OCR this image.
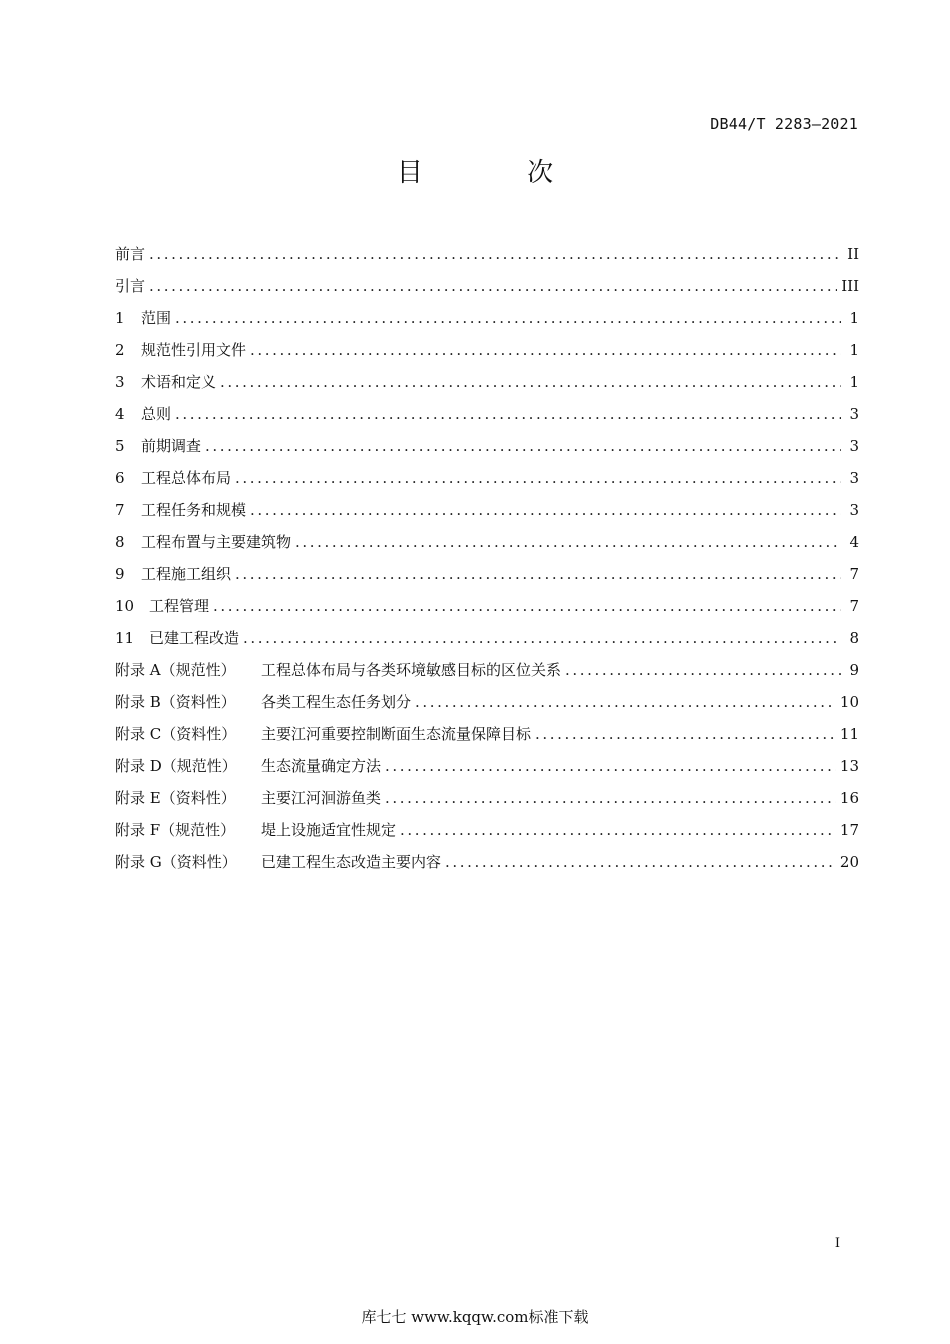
DB44/T 2283—2021
目 次
前言 .....	II
引言 .....	III
1	范围 .....	1
2	规范性引用文件 .....	1
3	术语和定义 .....	1
4	总则 .....	3
5	前期调查 .....	3
6	工程总体布局 .....	3
7	工程任务和规模 .....	3
8	工程布置与主要建筑物 .....	4
9	工程施工组织 .....	7
10 工程管理 .....	7
11 已建工程改造 .....	8
附录 A（规范性）	工程总体布局与各类环境敏感目标的区位关系 .....	9
附录 B（资料性）	各类工程生态任务划分 .....	10
附录 C（资料性）	主要江河重要控制断面生态流量保障目标 .....	11
附录 D（规范性）	生态流量确定方法 .....	13
附录 E（资料性）	主要江河洄游鱼类 .....	16
附录 F（规范性）	堤上设施适宜性规定 .....	17
附录 G（资料性）	已建工程生态改造主要内容 .....	20
I
库七七 www.kqqw.com标准下载
